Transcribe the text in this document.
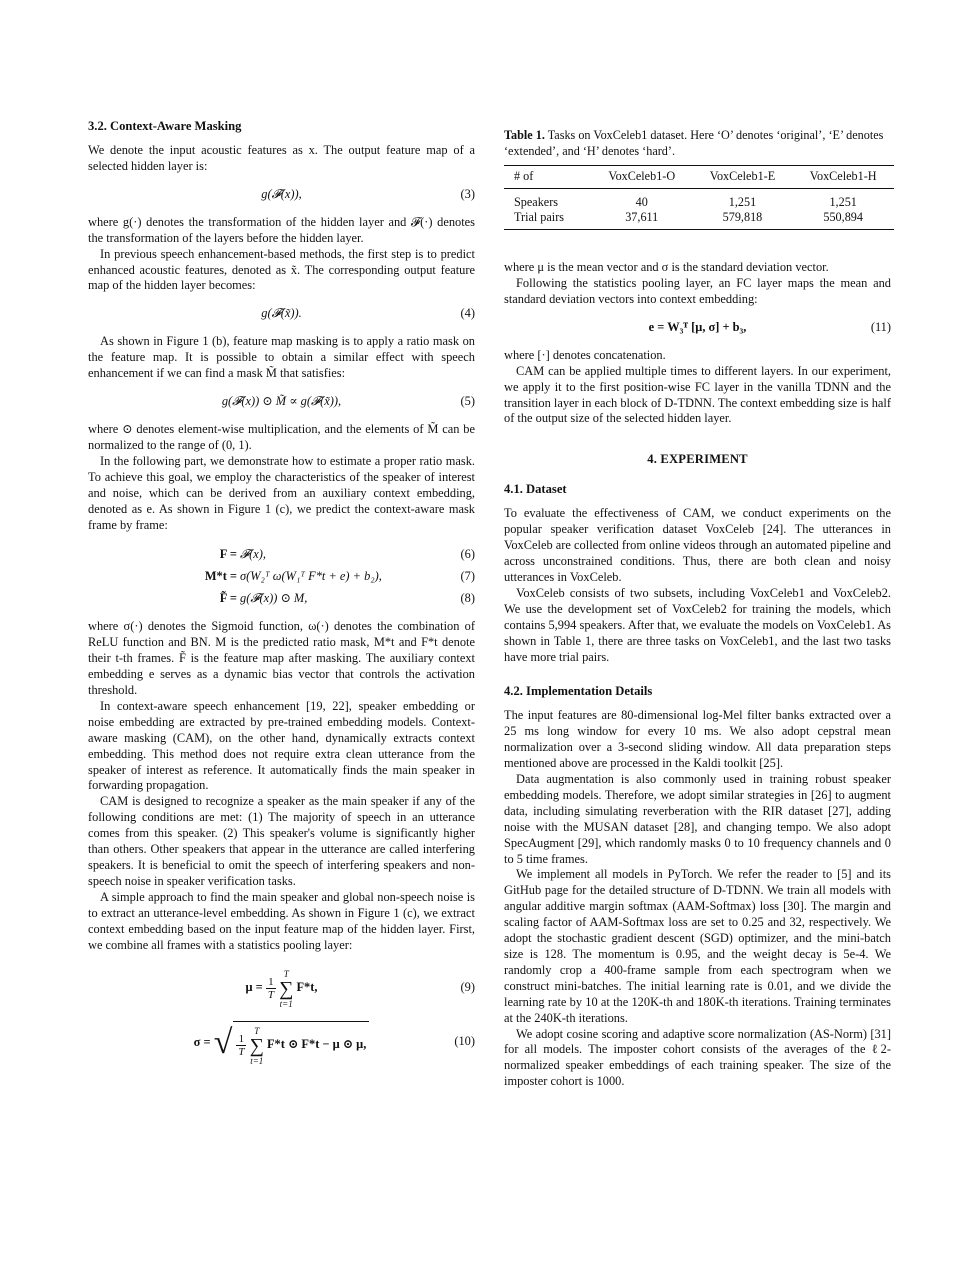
3.2. Context-Aware Masking

We denote the input acoustic features as x. The output feature map of a selected hidden layer is:

g(𝓕(x)),	(3)

where g(·) denotes the transformation of the hidden layer and 𝓕(·) denotes the transformation of the layers before the hidden layer.

In previous speech enhancement-based methods, the first step is to predict enhanced acoustic features, denoted as x̃. The corresponding output feature map of the hidden layer becomes:

g(𝓕(x̃)).	(4)

As shown in Figure 1 (b), feature map masking is to apply a ratio mask on the feature map. It is possible to obtain a similar effect with speech enhancement if we can find a mask M̃ that satisfies:

g(𝓕(x)) ⊙ M̃ ∝ g(𝓕(x̃)),	(5)

where ⊙ denotes element-wise multiplication, and the elements of M̃ can be normalized to the range of (0, 1).

In the following part, we demonstrate how to estimate a proper ratio mask. To achieve this goal, we employ the characteristics of the speaker of interest and noise, which can be derived from an auxiliary context embedding, denoted as e. As shown in Figure 1 (c), we predict the context-aware mask frame by frame:

F = 𝓕(x),	(6)
M*t = σ(W₂ᵀ ω(W₁ᵀ F*t + e) + b₂),	(7)
F̃ = g(𝓕(x)) ⊙ M,	(8)

where σ(·) denotes the Sigmoid function, ω(·) denotes the combination of ReLU function and BN. M is the predicted ratio mask, M*t and F*t denote their t-th frames. F̃ is the feature map after masking. The auxiliary context embedding e serves as a dynamic bias vector that controls the activation threshold.

In context-aware speech enhancement [19, 22], speaker embedding or noise embedding are extracted by pre-trained embedding models. Context-aware masking (CAM), on the other hand, dynamically extracts context embedding. This method does not require extra clean utterance from the speaker of interest as reference. It automatically finds the main speaker in forwarding propagation.

CAM is designed to recognize a speaker as the main speaker if any of the following conditions are met: (1) The majority of speech in an utterance comes from this speaker. (2) This speaker's volume is significantly higher than others. Other speakers that appear in the utterance are called interfering speakers. It is beneficial to omit the speech of interfering speakers and non-speech noise in speaker verification tasks.

A simple approach to find the main speaker and global non-speech noise is to extract an utterance-level embedding. As shown in Figure 1 (c), we extract context embedding based on the input feature map of the hidden layer. First, we combine all frames with a statistics pooling layer:

$\mu = \frac{1}{T}$

T
∑
t=1
F*t,	(9)
σ = √ $\frac{1}{T}$

T
∑
t=1
F*t ⊙ F*t − μ ⊙ μ,	(10)
Table 1. Tasks on VoxCeleb1 dataset. Here ‘O’ denotes ‘original’, ‘E’ denotes ‘extended’, and ‘H’ denotes ‘hard’.
# of	VoxCeleb1-O	VoxCeleb1-E	VoxCeleb1-H
Speakers	40	1,251	1,251
Trial pairs	37,611	579,818	550,894

where μ is the mean vector and σ is the standard deviation vector.

Following the statistics pooling layer, an FC layer maps the mean and standard deviation vectors into context embedding:

e = W₃ᵀ [μ, σ] + b₃,	(11)

where [·] denotes concatenation.

CAM can be applied multiple times to different layers. In our experiment, we apply it to the first position-wise FC layer in the vanilla TDNN and the transition layer in each block of D-TDNN. The context embedding size is half of the output size of the selected hidden layer.

4. EXPERIMENT
4.1. Dataset

To evaluate the effectiveness of CAM, we conduct experiments on the popular speaker verification dataset VoxCeleb [24]. The utterances in VoxCeleb are collected from online videos through an automated pipeline and across unconstrained conditions. Thus, there are both clean and noisy utterances in VoxCeleb.

VoxCeleb consists of two subsets, including VoxCeleb1 and VoxCeleb2. We use the development set of VoxCeleb2 for training the models, which contains 5,994 speakers. After that, we evaluate the models on VoxCeleb1. As shown in Table 1, there are three tasks on VoxCeleb1, and the last two tasks have more trial pairs.

4.2. Implementation Details

The input features are 80-dimensional log-Mel filter banks extracted over a 25 ms long window for every 10 ms. We also adopt cepstral mean normalization over a 3-second sliding window. All data preparation steps mentioned above are processed in the Kaldi toolkit [25].

Data augmentation is also commonly used in training robust speaker embedding models. Therefore, we adopt similar strategies in [26] to augment data, including simulating reverberation with the RIR dataset [27], adding noise with the MUSAN dataset [28], and changing tempo. We also adopt SpecAugment [29], which randomly masks 0 to 10 frequency channels and 0 to 5 time frames.

We implement all models in PyTorch. We refer the reader to [5] and its GitHub page for the detailed structure of D-TDNN. We train all models with angular additive margin softmax (AAM-Softmax) loss [30]. The margin and scaling factor of AAM-Softmax loss are set to 0.25 and 32, respectively. We adopt the stochastic gradient descent (SGD) optimizer, and the mini-batch size is 128. The momentum is 0.95, and the weight decay is 5e-4. We randomly crop a 400-frame sample from each spectrogram when we construct mini-batches. The initial learning rate is 0.01, and we divide the learning rate by 10 at the 120K-th and 180K-th iterations. Training terminates at the 240K-th iterations.

We adopt cosine scoring and adaptive score normalization (AS-Norm) [31] for all models. The imposter cohort consists of the averages of the ℓ2-normalized speaker embeddings of each training speaker. The size of the imposter cohort is 1000.
